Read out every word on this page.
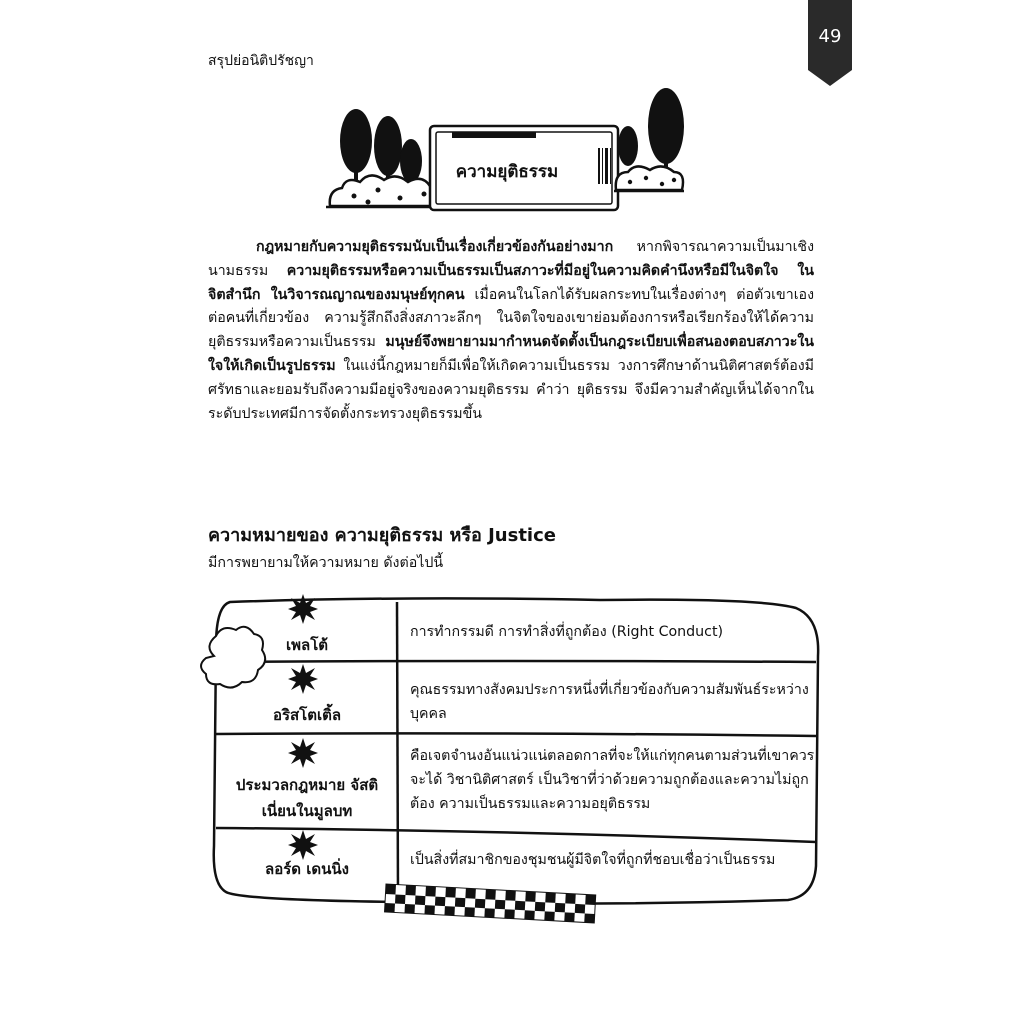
สรุปย่อนิติปรัชญา
49
ความยุติธรรม
กฎหมายกับความยุติธรรมนับเป็นเรื่องเกี่ยวข้องกันอย่างมาก หากพิจารณาความเป็นมาเชิงนามธรรม ความยุติธรรมหรือความเป็นธรรมเป็นสภาวะที่มีอยู่ในความคิดคำนึงหรือมีในจิตใจ ในจิตสำนึก ในวิจารณญาณของมนุษย์ทุกคน เมื่อคนในโลกได้รับผลกระทบในเรื่องต่างๆ ต่อตัวเขาเอง ต่อคนที่เกี่ยวข้อง ความรู้สึกถึงสิ่งสภาวะลึกๆ ในจิตใจของเขาย่อมต้องการหรือเรียกร้องให้ได้ความยุติธรรมหรือความเป็นธรรม มนุษย์จึงพยายามมากำหนดจัดตั้งเป็นกฎระเบียบเพื่อสนองตอบสภาวะในใจให้เกิดเป็นรูปธรรม ในแง่นี้กฎหมายก็มีเพื่อให้เกิดความเป็นธรรม วงการศึกษาด้านนิติศาสตร์ต้องมีศรัทธาและยอมรับถึงความมีอยู่จริงของความยุติธรรม คำว่า ยุติธรรม จึงมีความสำคัญเห็นได้จากในระดับประเทศมีการจัดตั้งกระทรวงยุติธรรมขึ้น
ความหมายของ ความยุติธรรม หรือ Justice
มีการพยายามให้ความหมาย ดังต่อไปนี้
เพลโต้
การทำกรรมดี การทำสิ่งที่ถูกต้อง (Right Conduct)
อริสโตเติ้ล
คุณธรรมทางสังคมประการหนึ่งที่เกี่ยวข้องกับความสัมพันธ์ระหว่างบุคคล
ประมวลกฎหมาย จัสติเนี่ยนในมูลบท
คือเจตจำนงอันแน่วแน่ตลอดกาลที่จะให้แก่ทุกคนตามส่วนที่เขาควรจะได้ วิชานิติศาสตร์ เป็นวิชาที่ว่าด้วยความถูกต้องและความไม่ถูกต้อง ความเป็นธรรมและความอยุติธรรม
ลอร์ด เดนนิ่ง	เป็นสิ่งที่สมาชิกของชุมชนผู้มีจิตใจที่ถูกที่ชอบเชื่อว่าเป็นธรรม
